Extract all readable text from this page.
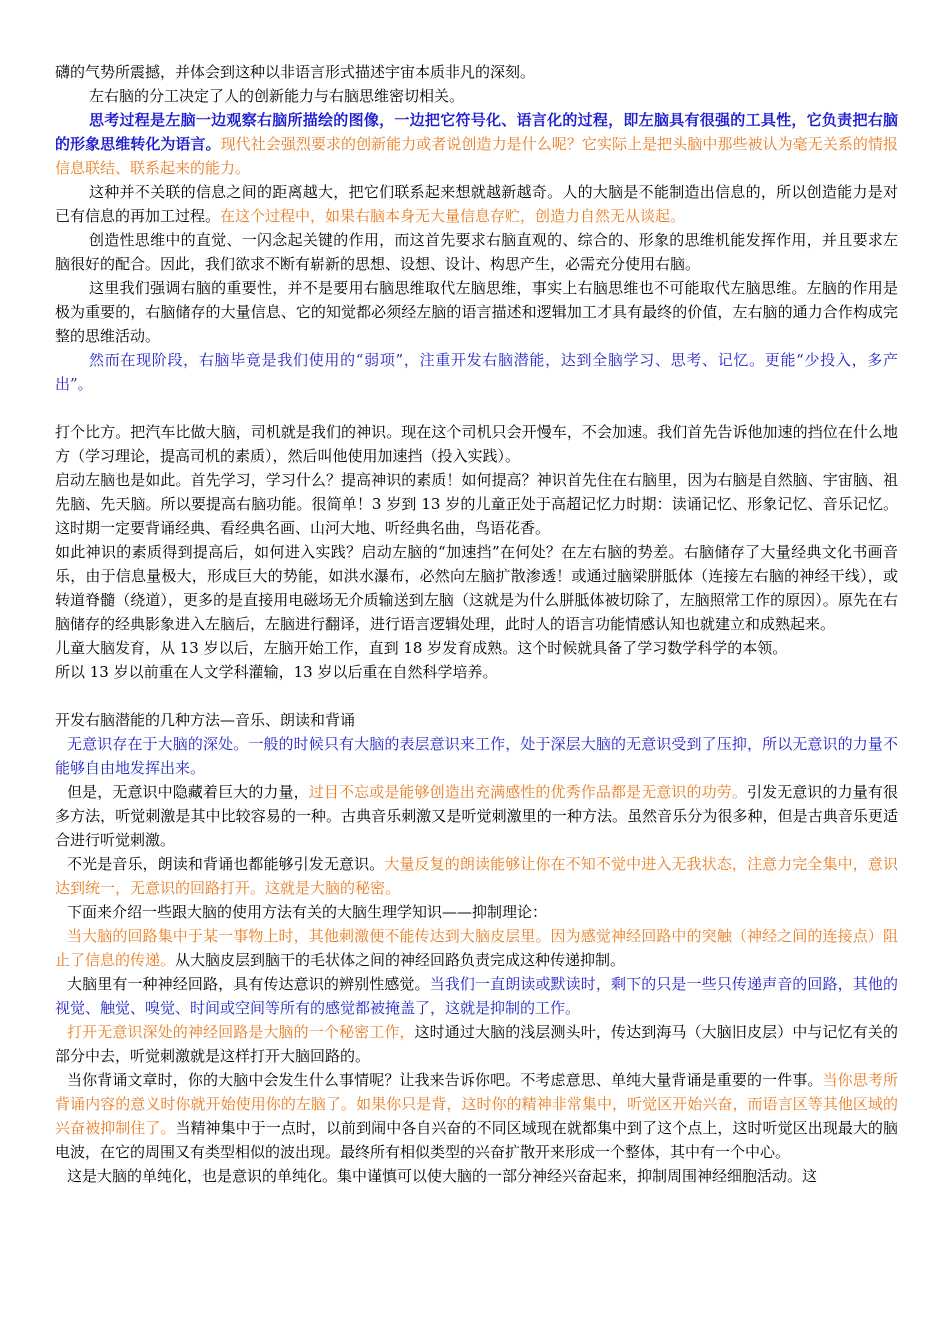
礴的气势所震撼，并体会到这种以非语言形式描述宇宙本质非凡的深刻。

左右脑的分工决定了人的创新能力与右脑思维密切相关。

思考过程是左脑一边观察右脑所描绘的图像，一边把它符号化、语言化的过程，即左脑具有很强的工具性，它负责把右脑的形象思维转化为语言。现代社会强烈要求的创新能力或者说创造力是什么呢？它实际上是把头脑中那些被认为毫无关系的情报信息联结、联系起来的能力。

这种并不关联的信息之间的距离越大，把它们联系起来想就越新越奇。人的大脑是不能制造出信息的，所以创造能力是对已有信息的再加工过程。在这个过程中，如果右脑本身无大量信息存贮，创造力自然无从谈起。

创造性思维中的直觉、一闪念起关键的作用，而这首先要求右脑直观的、综合的、形象的思维机能发挥作用，并且要求左脑很好的配合。因此，我们欲求不断有崭新的思想、设想、设计、构思产生，必需充分使用右脑。

这里我们强调右脑的重要性，并不是要用右脑思维取代左脑思维，事实上右脑思维也不可能取代左脑思维。左脑的作用是极为重要的，右脑储存的大量信息、它的知觉都必须经左脑的语言描述和逻辑加工才具有最终的价值，左右脑的通力合作构成完整的思维活动。

然而在现阶段，右脑毕竟是我们使用的“弱项”，注重开发右脑潜能，达到全脑学习、思考、记忆。更能“少投入，多产出”。

打个比方。把汽车比做大脑，司机就是我们的神识。现在这个司机只会开慢车，不会加速。我们首先告诉他加速的挡位在什么地方（学习理论，提高司机的素质），然后叫他使用加速挡（投入实践）。

启动左脑也是如此。首先学习，学习什么？提高神识的素质！如何提高？神识首先住在右脑里，因为右脑是自然脑、宇宙脑、祖先脑、先天脑。所以要提高右脑功能。很简单！3 岁到 13 岁的儿童正处于高超记忆力时期：读诵记忆、形象记忆、音乐记忆。这时期一定要背诵经典、看经典名画、山河大地、听经典名曲，鸟语花香。

如此神识的素质得到提高后，如何进入实践？启动左脑的“加速挡”在何处？在左右脑的势差。右脑储存了大量经典文化书画音乐，由于信息量极大，形成巨大的势能，如洪水瀑布，必然向左脑扩散渗透！或通过脑梁胼胝体（连接左右脑的神经干线），或转道脊髓（绕道），更多的是直接用电磁场无介质输送到左脑（这就是为什么胼胝体被切除了，左脑照常工作的原因）。原先在右脑储存的经典影象进入左脑后，左脑进行翻译，进行语言逻辑处理，此时人的语言功能情感认知也就建立和成熟起来。

儿童大脑发育，从 13 岁以后，左脑开始工作，直到 18 岁发育成熟。这个时候就具备了学习数学科学的本领。

所以 13 岁以前重在人文学科灌输，13 岁以后重在自然科学培养。

开发右脑潜能的几种方法—音乐、朗读和背诵

无意识存在于大脑的深处。一般的时候只有大脑的表层意识来工作，处于深层大脑的无意识受到了压抑，所以无意识的力量不能够自由地发挥出来。

但是，无意识中隐藏着巨大的力量，过目不忘或是能够创造出充满感性的优秀作品都是无意识的功劳。引发无意识的力量有很多方法，听觉刺激是其中比较容易的一种。古典音乐刺激又是听觉刺激里的一种方法。虽然音乐分为很多种，但是古典音乐更适合进行听觉刺激。

不光是音乐，朗读和背诵也都能够引发无意识。大量反复的朗读能够让你在不知不觉中进入无我状态，注意力完全集中，意识达到统一，无意识的回路打开。这就是大脑的秘密。

下面来介绍一些跟大脑的使用方法有关的大脑生理学知识——抑制理论：

当大脑的回路集中于某一事物上时，其他刺激便不能传达到大脑皮层里。因为感觉神经回路中的突触（神经之间的连接点）阻止了信息的传递。从大脑皮层到脑干的毛状体之间的神经回路负责完成这种传递抑制。

大脑里有一种神经回路，具有传达意识的辨别性感觉。当我们一直朗读或默读时，剩下的只是一些只传递声音的回路，其他的视觉、触觉、嗅觉、时间或空间等所有的感觉都被掩盖了，这就是抑制的工作。

打开无意识深处的神经回路是大脑的一个秘密工作，这时通过大脑的浅层测头叶，传达到海马（大脑旧皮层）中与记忆有关的部分中去，听觉刺激就是这样打开大脑回路的。

当你背诵文章时，你的大脑中会发生什么事情呢？让我来告诉你吧。不考虑意思、单纯大量背诵是重要的一件事。当你思考所背诵内容的意义时你就开始使用你的左脑了。如果你只是背，这时你的精神非常集中，听觉区开始兴奋，而语言区等其他区域的兴奋被抑制住了。当精神集中于一点时，以前到闹中各自兴奋的不同区域现在就都集中到了这个点上，这时听觉区出现最大的脑电波，在它的周围又有类型相似的波出现。最终所有相似类型的兴奋扩散开来形成一个整体，其中有一个中心。

这是大脑的单纯化，也是意识的单纯化。集中谨慎可以使大脑的一部分神经兴奋起来，抑制周围神经细胞活动。这
